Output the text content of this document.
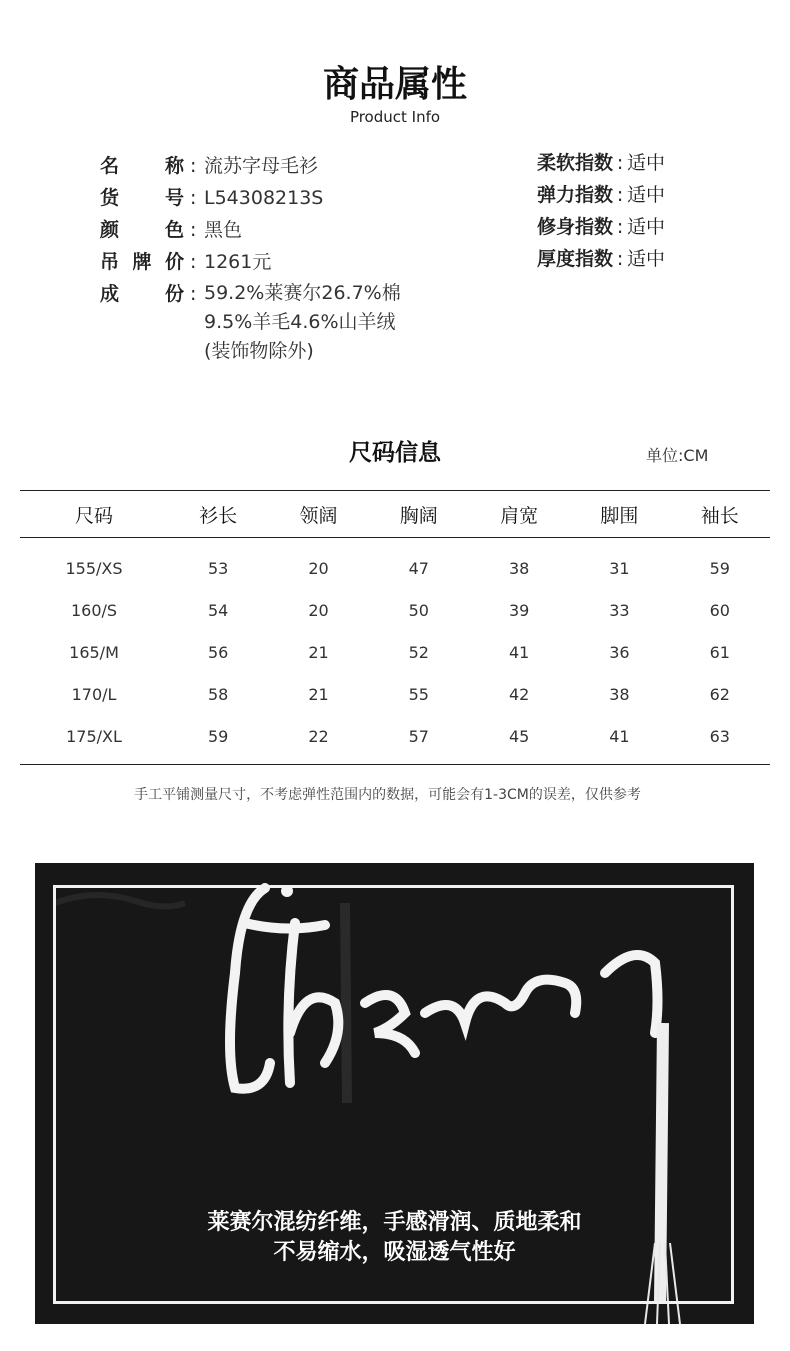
商品属性
Product Info
名 称 : 流苏字母毛衫
货 号 : L54308213S
颜 色 : 黑色
吊 牌 价 : 1261元
成 份 : 59.2%莱赛尔26.7%棉
9.5%羊毛4.6%山羊绒
(装饰物除外)
柔软指数 : 适中
弹力指数 : 适中
修身指数 : 适中
厚度指数 : 适中
尺码信息	单位:CM
尺码	衫长	领阔	胸阔	肩宽	脚围	袖长
155/XS	53	20	47	38	31	59
160/S	54	20	50	39	33	60
165/M	56	21	52	41	36	61
170/L	58	21	55	42	38	62
175/XL	59	22	57	45	41	63
手工平铺测量尺寸，不考虑弹性范围内的数据，可能会有1-3CM的误差，仅供参考
莱赛尔混纺纤维，手感滑润、质地柔和
不易缩水，吸湿透气性好
